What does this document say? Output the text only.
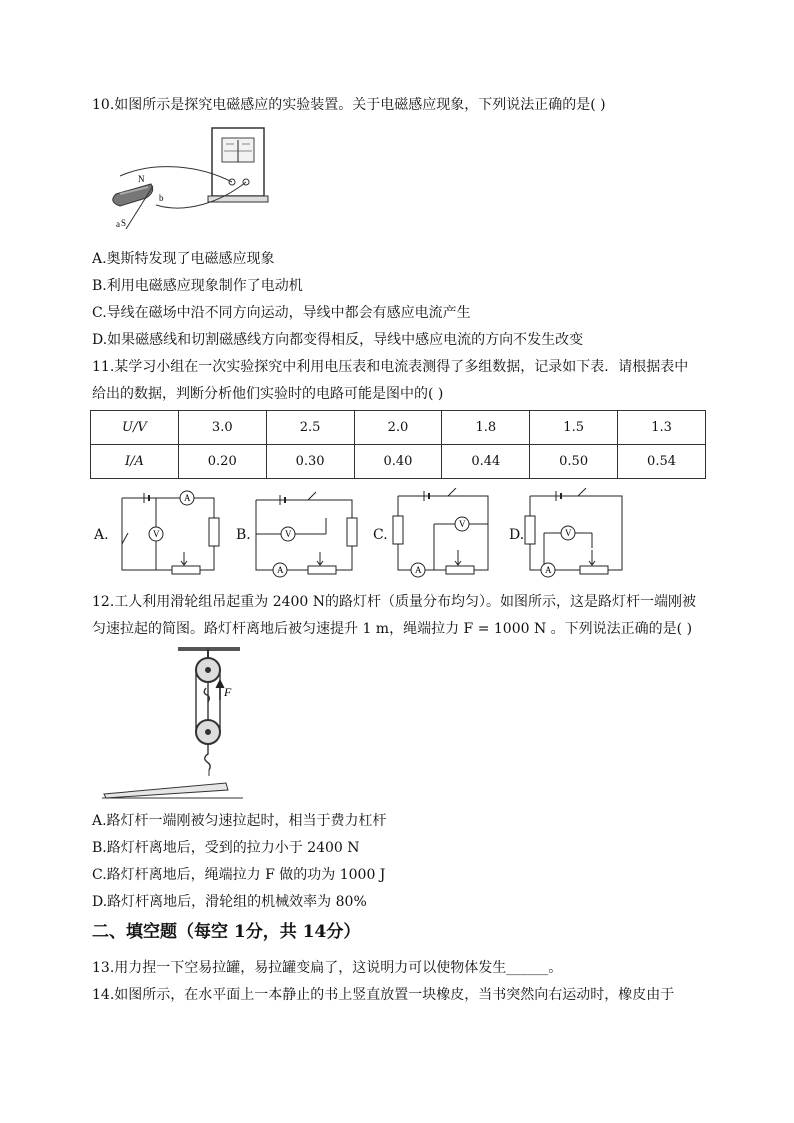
10.如图所示是探究电磁感应的实验装置。关于电磁感应现象，下列说法正确的是( )
N
S
a
b
A.奥斯特发现了电磁感应现象
B.利用电磁感应现象制作了电动机
C.导线在磁场中沿不同方向运动，导线中都会有感应电流产生
D.如果磁感线和切割磁感线方向都变得相反，导线中感应电流的方向不发生改变
11.某学习小组在一次实验探究中利用电压表和电流表测得了多组数据，记录如下表．请根据表中
给出的数据，判断分析他们实验时的电路可能是图中的( )
U/V	3.0	2.5	2.0	1.8	1.5	1.3
I/A	0.20	0.30	0.40	0.44	0.50	0.54
A.
A
V	B.	V
A
C.
V
A
D.	V
A
12.工人利用滑轮组吊起重为 2400 N的路灯杆（质量分布均匀）。如图所示，这是路灯杆一端刚被
匀速拉起的简图。路灯杆离地后被匀速提升 1 m，绳端拉力 F = 1000 N 。下列说法正确的是( )
F
A.路灯杆一端刚被匀速拉起时，相当于费力杠杆
B.路灯杆离地后，受到的拉力小于 2400 N
C.路灯杆离地后，绳端拉力 F 做的功为 1000 J
D.路灯杆离地后，滑轮组的机械效率为 80%
二、填空题（每空 1分，共 14分）
13.用力捏一下空易拉罐，易拉罐变扁了，这说明力可以使物体发生______。
14.如图所示，在水平面上一本静止的书上竖直放置一块橡皮，当书突然向右运动时，橡皮由于
